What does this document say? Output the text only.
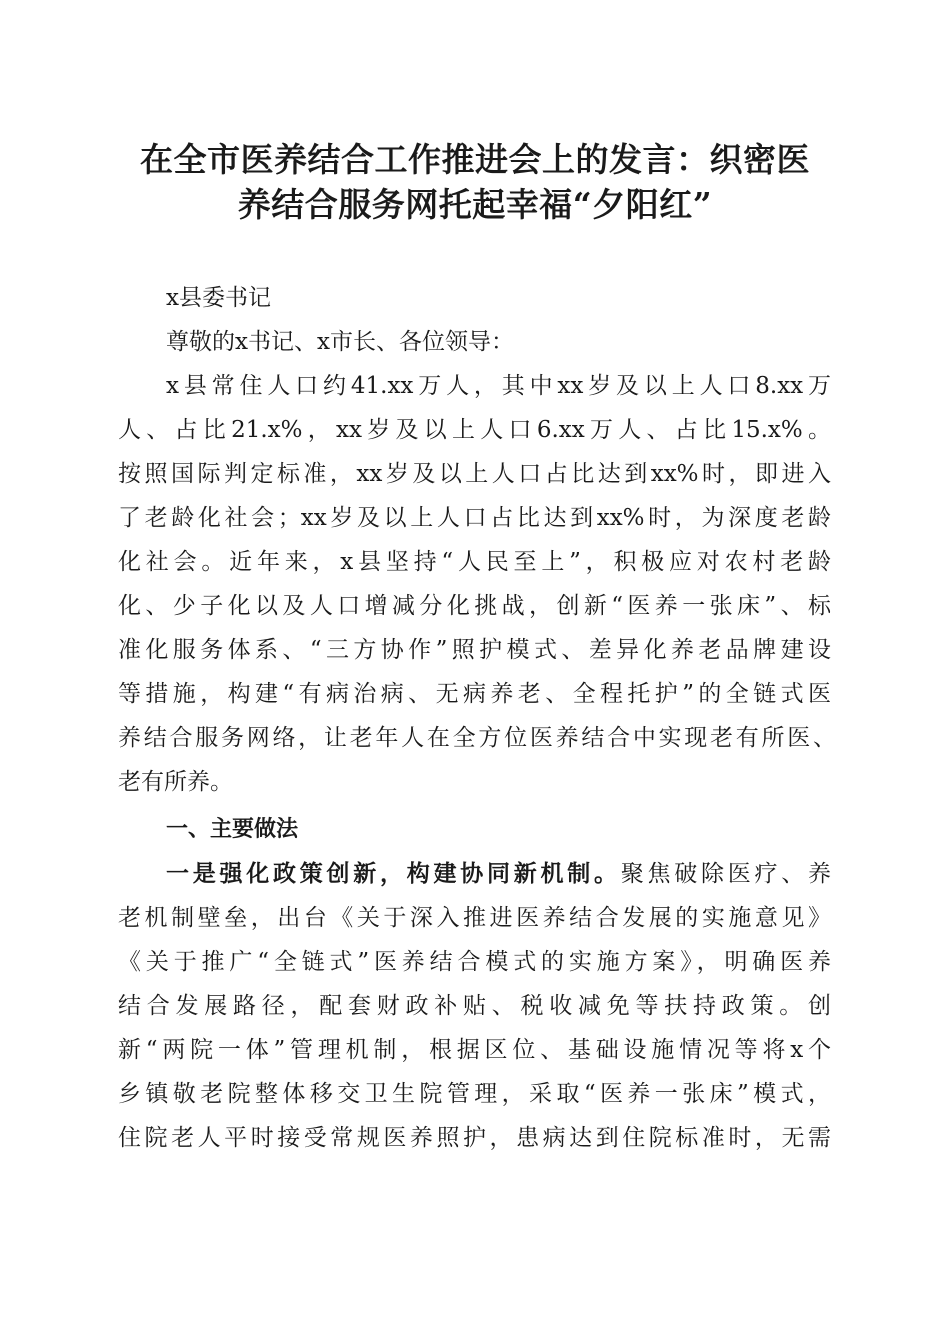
在全市医养结合工作推进会上的发言：织密医
养结合服务网托起幸福“夕阳红”
x县委书记
尊敬的x书记、x市长、各位领导：
x县常住人口约41.xx万人，其中xx岁及以上人口8.xx万
人、占比21.x%，xx岁及以上人口6.xx万人、占比15.x%。
按照国际判定标准，xx岁及以上人口占比达到xx%时，即进入
了老龄化社会；xx岁及以上人口占比达到xx%时，为深度老龄
化社会。近年来，x县坚持“人民至上”，积极应对农村老龄
化、少子化以及人口增减分化挑战，创新“医养一张床”、标
准化服务体系、“三方协作”照护模式、差异化养老品牌建设
等措施，构建“有病治病、无病养老、全程托护”的全链式医
养结合服务网络，让老年人在全方位医养结合中实现老有所医、
老有所养。
一、主要做法
一是强化政策创新，构建协同新机制。聚焦破除医疗、养
老机制壁垒，出台《关于深入推进医养结合发展的实施意见》
《关于推广“全链式”医养结合模式的实施方案》，明确医养
结合发展路径，配套财政补贴、税收减免等扶持政策。创
新“两院一体”管理机制，根据区位、基础设施情况等将x个
乡镇敬老院整体移交卫生院管理，采取“医养一张床”模式，
住院老人平时接受常规医养照护，患病达到住院标准时，无需
